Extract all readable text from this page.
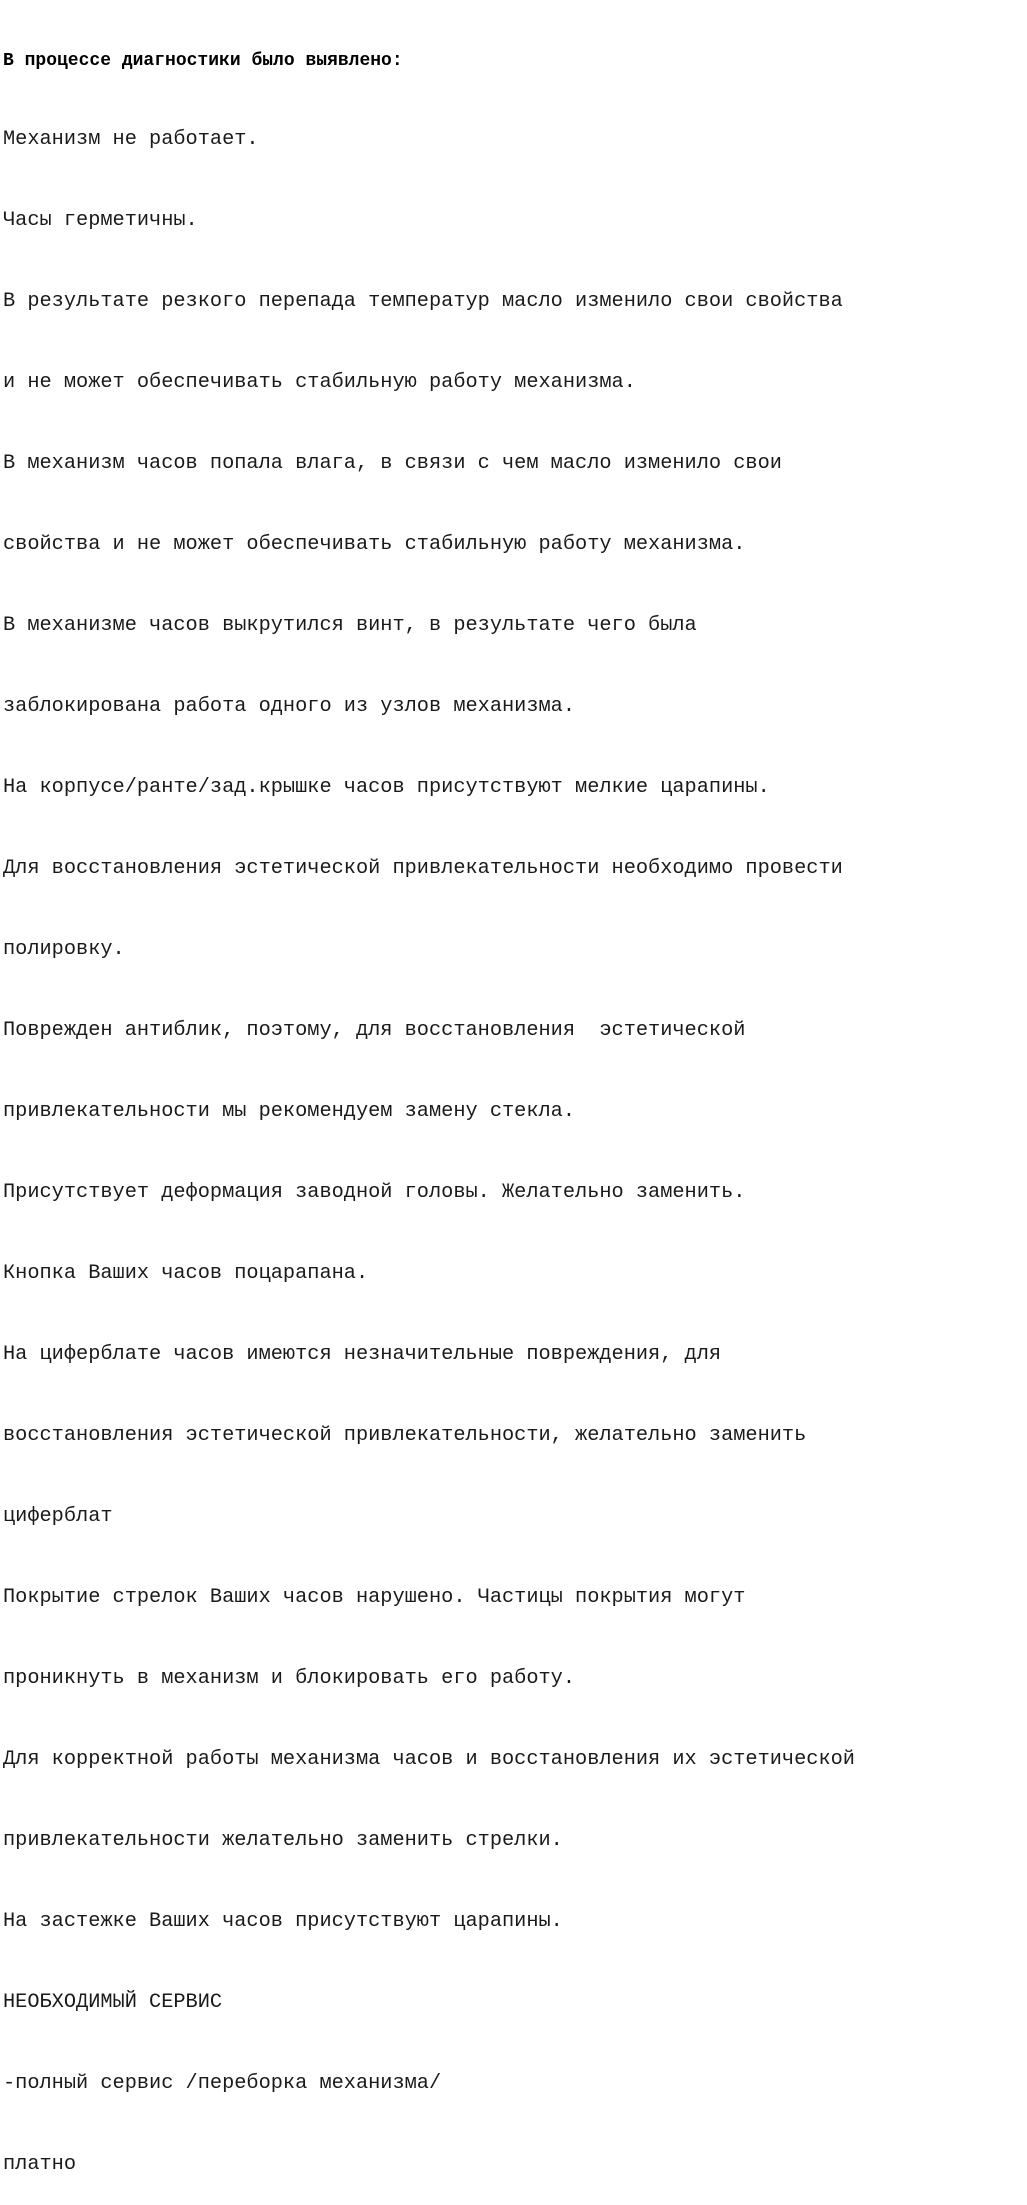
В процессе диагностики было выявлено:

Механизм не работает.

Часы герметичны.

В результате резкого перепада температур масло изменило свои свойства

и не может обеспечивать стабильную работу механизма.

В механизм часов попала влага, в связи с чем масло изменило свои

свойства и не может обеспечивать стабильную работу механизма.

В механизме часов выкрутился винт, в результате чего была

заблокирована работа одного из узлов механизма.

На корпусе/ранте/зад.крышке часов присутствуют мелкие царапины.

Для восстановления эстетической привлекательности необходимо провести

полировку.

Поврежден антиблик, поэтому, для восстановления  эстетической

привлекательности мы рекомендуем замену стекла.

Присутствует деформация заводной головы. Желательно заменить.

Кнопка Ваших часов поцарапана.

На циферблате часов имеются незначительные повреждения, для

восстановления эстетической привлекательности, желательно заменить

циферблат

Покрытие стрелок Ваших часов нарушено. Частицы покрытия могут

проникнуть в механизм и блокировать его работу.

Для корректной работы механизма часов и восстановления их эстетической

привлекательности желательно заменить стрелки.

На застежке Ваших часов присутствуют царапины.

НЕОБХОДИМЫЙ СЕРВИС

-полный сервис /переборка механизма/

платно
